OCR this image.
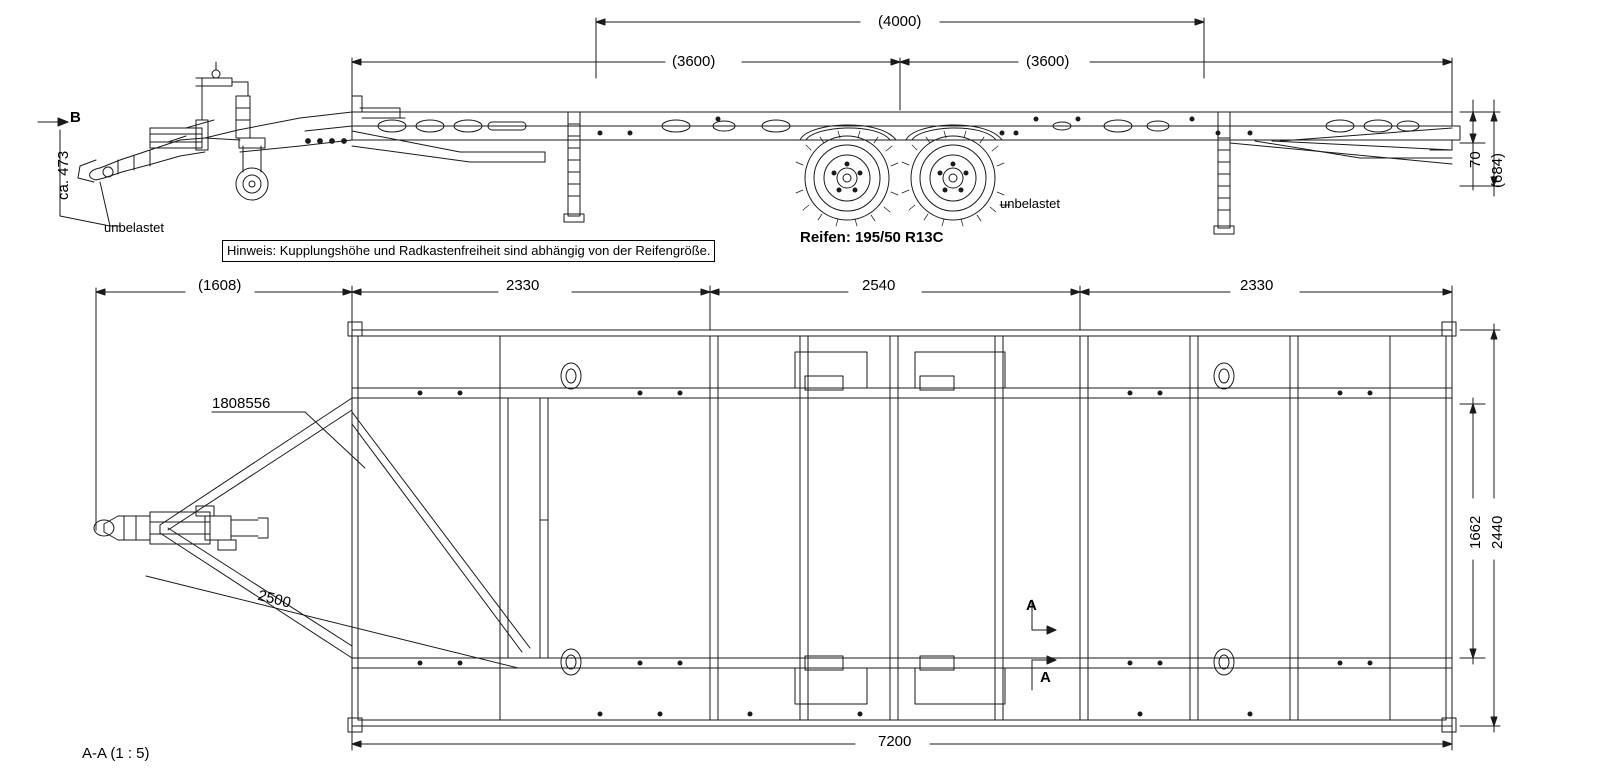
(4000)
(3600)	(3600)
70 (684)
B
ca. 473
unbelastet
unbelastet
Reifen: 195/50 R13C
Hinweis: Kupplungshöhe und Radkastenfreiheit sind abhängig von der Reifengröße.
(1608)	2330	2540	2330
7200
1662 2440
1808556
2500	A
A
A-A (1 : 5)
